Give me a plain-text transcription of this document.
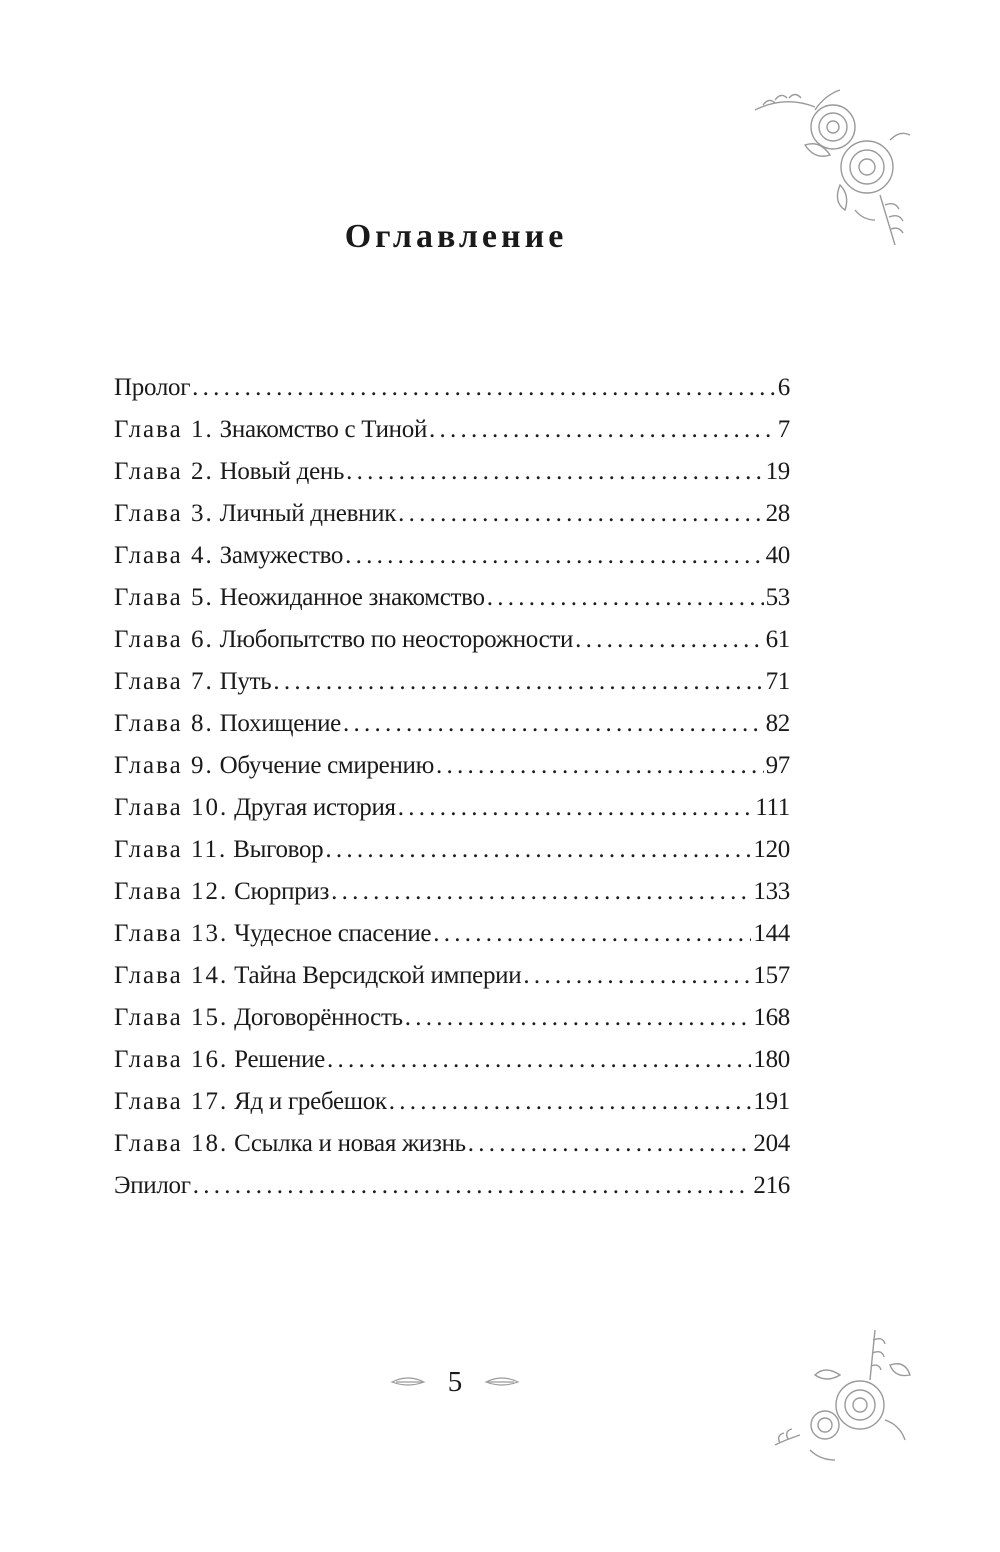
Оглавление
Пролог . . .	6
Глава 1. Знакомство с Тиной . . .	7
Глава 2. Новый день . . .	19
Глава 3. Личный дневник . . .	28
Глава 4. Замужество . . .	40
Глава 5. Неожиданное знакомство . . .	53
Глава 6. Любопытство по неосторожности . . .	61
Глава 7. Путь . . .	71
Глава 8. Похищение . . .	82
Глава 9. Обучение смирению . . .	97
Глава 10. Другая история . . .	111
Глава 11. Выговор . . .	120
Глава 12. Сюрприз . . .	133
Глава 13. Чудесное спасение . . .	144
Глава 14. Тайна Версидской империи . . .	157
Глава 15. Договорённость . . .	168
Глава 16. Решение . . .	180
Глава 17. Яд и гребешок . . .	191
Глава 18. Ссылка и новая жизнь . . .	204
Эпилог . . .	216
5
